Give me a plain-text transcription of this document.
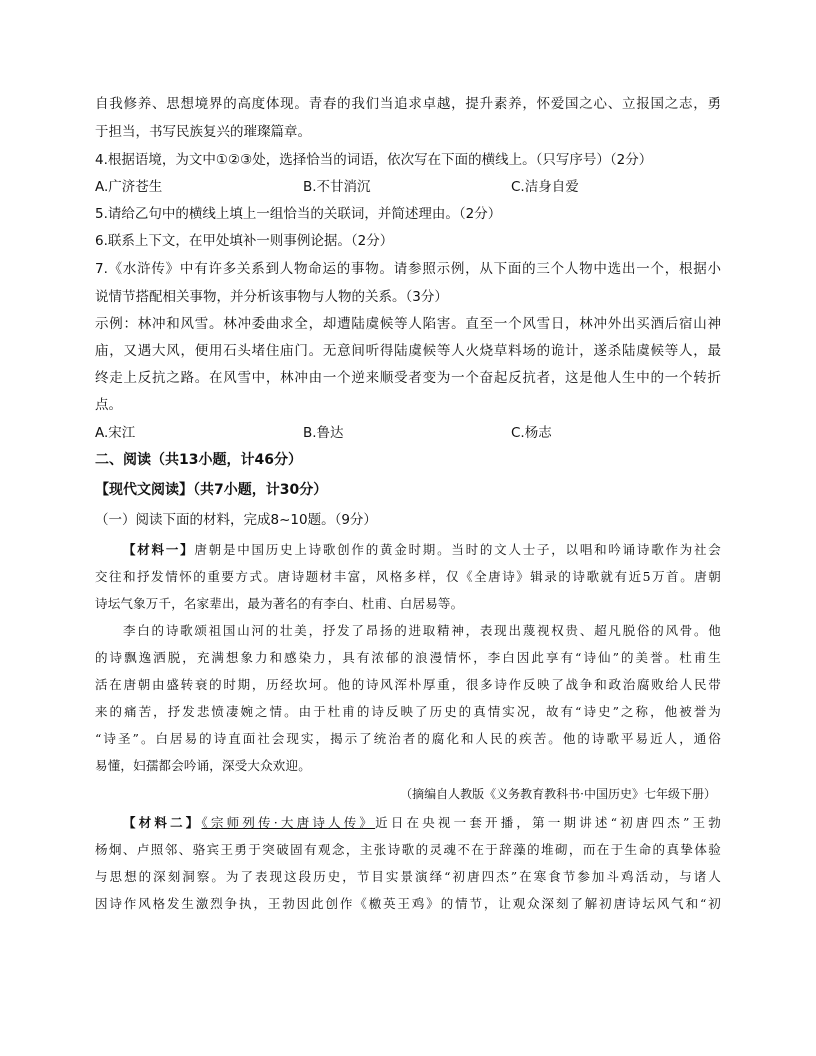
自我修养、思想境界的高度体现。青春的我们当追求卓越，提升素养，怀爱国之心、立报国之志，勇
于担当，书写民族复兴的璀璨篇章。
4.根据语境，为文中①②③处，选择恰当的词语，依次写在下面的横线上。（只写序号）（2分）
A.广济苍生	B.不甘消沉	C.洁身自爱
5.请给乙句中的横线上填上一组恰当的关联词，并简述理由。（2分）
6.联系上下文，在甲处填补一则事例论据。（2分）
7.《水浒传》中有许多关系到人物命运的事物。请参照示例，从下面的三个人物中选出一个，根据小
说情节搭配相关事物，并分析该事物与人物的关系。（3分）
示例：林冲和风雪。林冲委曲求全，却遭陆虞候等人陷害。直至一个风雪日，林冲外出买酒后宿山神
庙，又遇大风，便用石头堵住庙门。无意间听得陆虞候等人火烧草料场的诡计，遂杀陆虞候等人，最
终走上反抗之路。在风雪中，林冲由一个逆来顺受者变为一个奋起反抗者，这是他人生中的一个转折
点。
A.宋江	B.鲁达	C.杨志
二、阅读（共13小题，计46分）
【现代文阅读】（共7小题，计30分）
（一）阅读下面的材料，完成8~10题。（9分）
【材料一】唐朝是中国历史上诗歌创作的黄金时期。当时的文人士子，以唱和吟诵诗歌作为社会
交往和抒发情怀的重要方式。唐诗题材丰富，风格多样，仅《全唐诗》辑录的诗歌就有近5万首。唐朝
诗坛气象万千，名家辈出，最为著名的有李白、杜甫、白居易等。
李白的诗歌颂祖国山河的壮美，抒发了昂扬的进取精神，表现出蔑视权贵、超凡脱俗的风骨。他
的诗飘逸洒脱，充满想象力和感染力，具有浓郁的浪漫情怀，李白因此享有“诗仙”的美誉。杜甫生
活在唐朝由盛转衰的时期，历经坎坷。他的诗风浑朴厚重，很多诗作反映了战争和政治腐败给人民带
来的痛苦，抒发悲愤凄婉之情。由于杜甫的诗反映了历史的真情实况，故有“诗史”之称，他被誉为
“诗圣”。白居易的诗直面社会现实，揭示了统治者的腐化和人民的疾苦。他的诗歌平易近人，通俗
易懂，妇孺都会吟诵，深受大众欢迎。
（摘编自人教版《义务教育教科书·中国历史》七年级下册）
【材料二】《宗师列传·大唐诗人传》近日在央视一套开播，第一期讲述“初唐四杰”王勃
杨炯、卢照邻、骆宾王勇于突破固有观念，主张诗歌的灵魂不在于辞藻的堆砌，而在于生命的真挚体验
与思想的深刻洞察。为了表现这段历史，节目实景演绎“初唐四杰”在寒食节参加斗鸡活动，与诸人
因诗作风格发生激烈争执，王勃因此创作《檄英王鸡》的情节，让观众深刻了解初唐诗坛风气和“初
